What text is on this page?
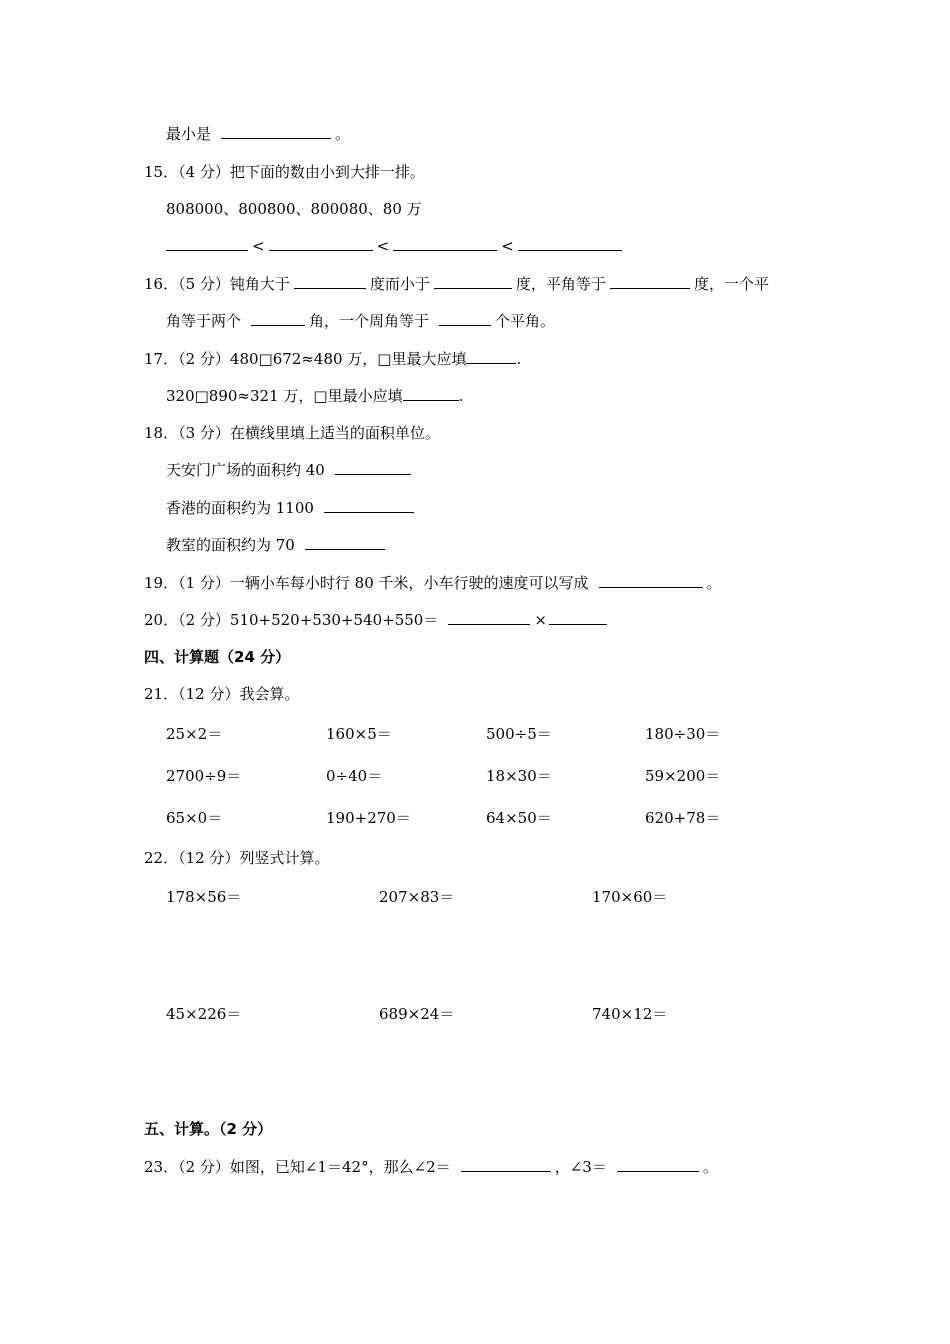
最小是	。
15．（4 分）把下面的数由小到大排一排。
808000、800800、800080、80 万
<	<	<
16．（5 分）钝角大于	度而小于	度，平角等于	度，一个平
角等于两个	角，一个周角等于	个平角。
17．（2 分）480□672≈480 万，□里最大应填	.
320□890≈321 万，□里最小应填	.
18．（3 分）在横线里填上适当的面积单位。
天安门广场的面积约 40
香港的面积约为 1100
教室的面积约为 70
19．（1 分）一辆小车每小时行 80 千米，小车行驶的速度可以写成	。
20．（2 分）510+520+530+540+550＝	×
四、计算题（24 分）
21．（12 分）我会算。
25×2＝	160×5＝	500÷5＝	180÷30＝
2700÷9＝	0÷40＝	18×30＝	59×200＝
65×0＝	190+270＝	64×50＝	620+78＝
22．（12 分）列竖式计算。
178×56＝	207×83＝	170×60＝
45×226＝	689×24＝	740×12＝
五、计算。（2 分）
23．（2 分）如图，已知∠1＝42°，那么∠2＝	，∠3＝	。
